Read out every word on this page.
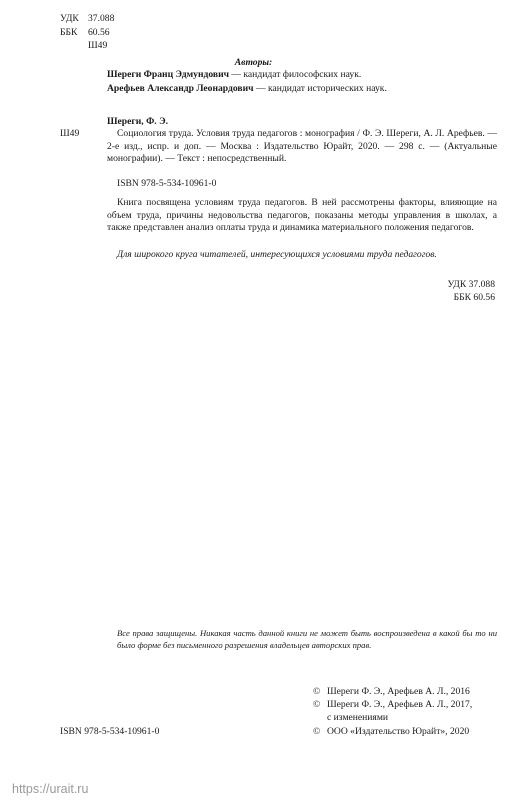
УДК 37.088
ББК	60.56
Ш49
Авторы:
Шереги Франц Эдмундович — кандидат философских наук.
Арефьев Александр Леонардович — кандидат исторических наук.
Шереги, Ф. Э.
Ш49	Социология труда. Условия труда педагогов : монография / Ф. Э. Шереги, А. Л. Арефьев. — 2-е изд., испр. и доп. — Москва : Издательство Юрайт, 2020. — 298 с. — (Актуальные монографии). — Текст : непосредственный.
ISBN 978-5-534-10961-0
Книга посвящена условиям труда педагогов. В ней рассмотрены факторы, влияющие на объем труда, причины недовольства педагогов, показаны методы управления в школах, а также представлен анализ оплаты труда и динамика материального положения педагогов.
Для широкого круга читателей, интересующихся условиями труда педагогов.
УДК 37.088
ББК 60.56
Все права защищены. Никакая часть данной книги не может быть воспроизведена в какой бы то ни было форме без письменного разрешения владельцев авторских прав.
ISBN 978-5-534-10961-0
© Шереги Ф. Э., Арефьев А. Л., 2016
© Шереги Ф. Э., Арефьев А. Л., 2017,
с изменениями
© ООО «Издательство Юрайт», 2020
https://urait.ru
